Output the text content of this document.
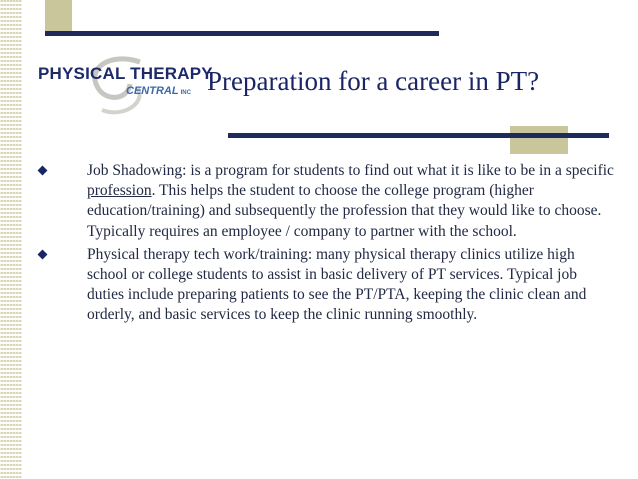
PHYSICAL THERAPY
CENTRAL INC Preparation for a career in PT?
Job Shadowing: is a program for students to find out what it is like to be in a specific profession. This helps the student to choose the college program (higher education/training) and subsequently the profession that they would like to choose. Typically requires an employee / company to partner with the school.
Physical therapy tech work/training: many physical therapy clinics utilize high school or college students to assist in basic delivery of PT services. Typical job duties include preparing patients to see the PT/PTA, keeping the clinic clean and orderly, and basic services to keep the clinic running smoothly.
